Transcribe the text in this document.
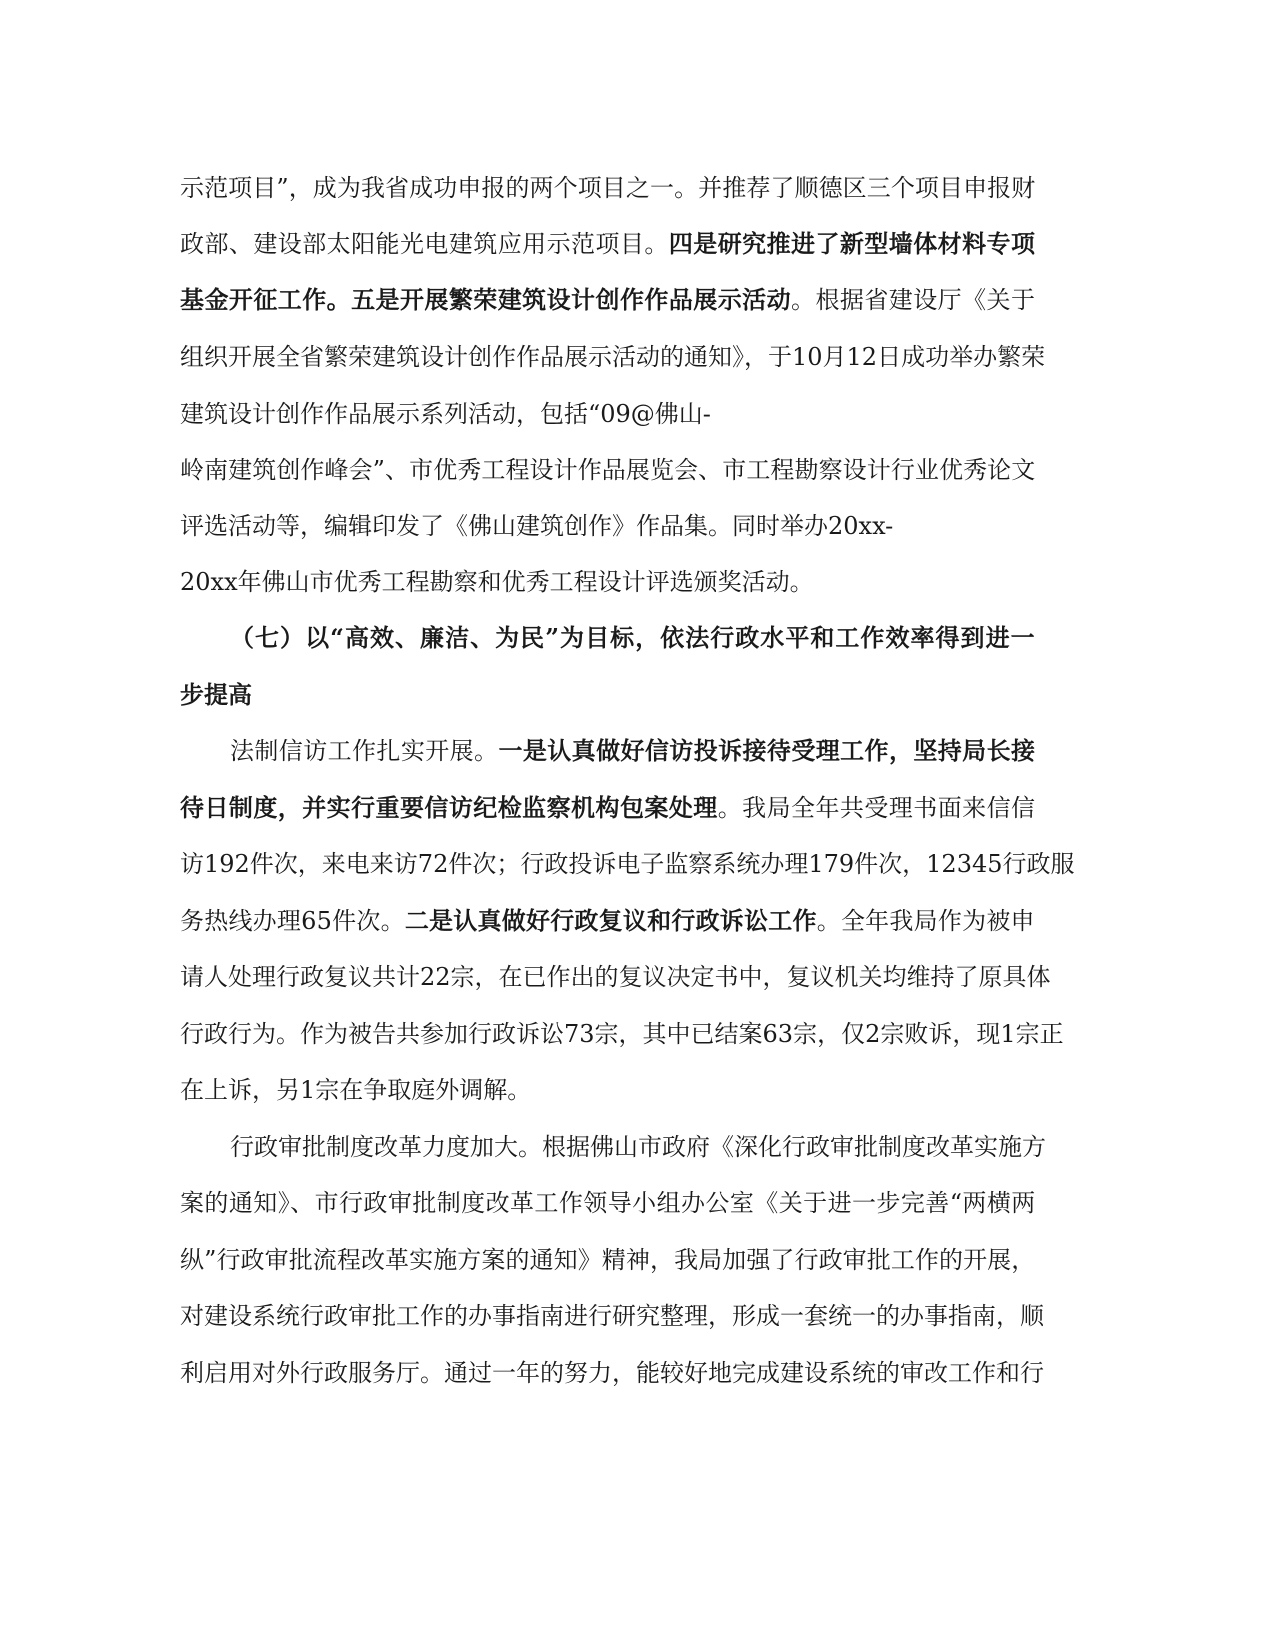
示范项目”，成为我省成功申报的两个项目之一。并推荐了顺德区三个项目申报财
政部、建设部太阳能光电建筑应用示范项目。四是研究推进了新型墙体材料专项
基金开征工作。五是开展繁荣建筑设计创作作品展示活动。根据省建设厅《关于
组织开展全省繁荣建筑设计创作作品展示活动的通知》，于10月12日成功举办繁荣
建筑设计创作作品展示系列活动，包括“09@佛山-
岭南建筑创作峰会”、市优秀工程设计作品展览会、市工程勘察设计行业优秀论文
评选活动等，编辑印发了《佛山建筑创作》作品集。同时举办20xx-
20xx年佛山市优秀工程勘察和优秀工程设计评选颁奖活动。
（七）以“高效、廉洁、为民”为目标，依法行政水平和工作效率得到进一
步提高
法制信访工作扎实开展。一是认真做好信访投诉接待受理工作，坚持局长接
待日制度，并实行重要信访纪检监察机构包案处理。我局全年共受理书面来信信
访192件次，来电来访72件次；行政投诉电子监察系统办理179件次，12345行政服
务热线办理65件次。二是认真做好行政复议和行政诉讼工作。全年我局作为被申
请人处理行政复议共计22宗，在已作出的复议决定书中，复议机关均维持了原具体
行政行为。作为被告共参加行政诉讼73宗，其中已结案63宗，仅2宗败诉，现1宗正
在上诉，另1宗在争取庭外调解。
行政审批制度改革力度加大。根据佛山市政府《深化行政审批制度改革实施方
案的通知》、市行政审批制度改革工作领导小组办公室《关于进一步完善“两横两
纵”行政审批流程改革实施方案的通知》精神，我局加强了行政审批工作的开展，
对建设系统行政审批工作的办事指南进行研究整理，形成一套统一的办事指南，顺
利启用对外行政服务厅。通过一年的努力，能较好地完成建设系统的审改工作和行
